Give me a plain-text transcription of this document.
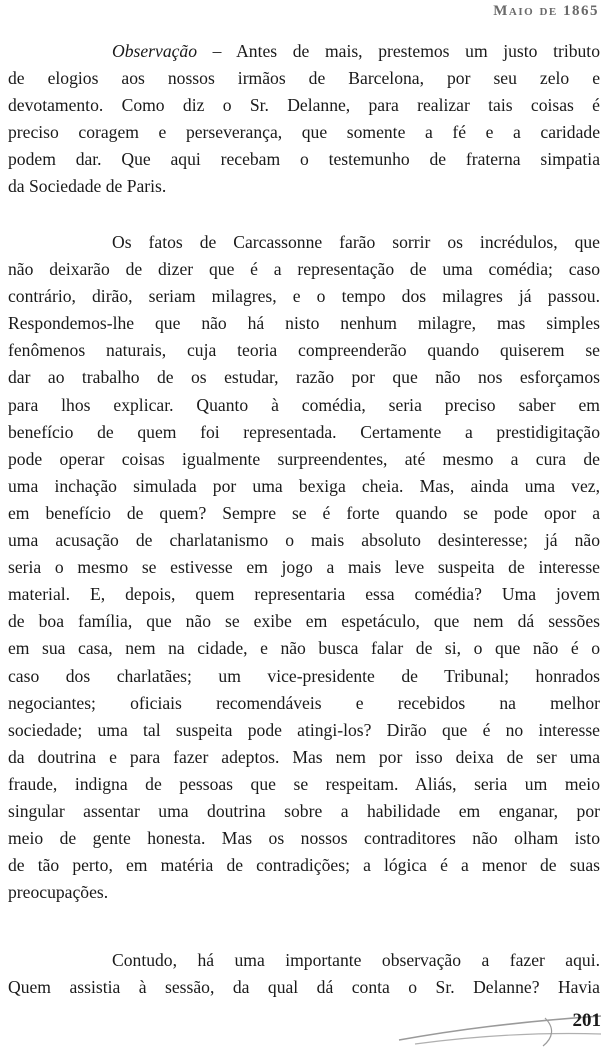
Maio de 1865
Observação – Antes de mais, prestemos um justo tributo
de elogios aos nossos irmãos de Barcelona, por seu zelo e
devotamento. Como diz o Sr. Delanne, para realizar tais coisas é
preciso coragem e perseverança, que somente a fé e a caridade
podem dar. Que aqui recebam o testemunho de fraterna simpatia
da Sociedade de Paris.
Os fatos de Carcassonne farão sorrir os incrédulos, que
não deixarão de dizer que é a representação de uma comédia; caso
contrário, dirão, seriam milagres, e o tempo dos milagres já passou.
Respondemos-lhe que não há nisto nenhum milagre, mas simples
fenômenos naturais, cuja teoria compreenderão quando quiserem se
dar ao trabalho de os estudar, razão por que não nos esforçamos
para lhos explicar. Quanto à comédia, seria preciso saber em
benefício de quem foi representada. Certamente a prestidigitação
pode operar coisas igualmente surpreendentes, até mesmo a cura de
uma inchação simulada por uma bexiga cheia. Mas, ainda uma vez,
em benefício de quem? Sempre se é forte quando se pode opor a
uma acusação de charlatanismo o mais absoluto desinteresse; já não
seria o mesmo se estivesse em jogo a mais leve suspeita de interesse
material. E, depois, quem representaria essa comédia? Uma jovem
de boa família, que não se exibe em espetáculo, que nem dá sessões
em sua casa, nem na cidade, e não busca falar de si, o que não é o
caso dos charlatães; um vice-presidente de Tribunal; honrados
negociantes; oficiais recomendáveis e recebidos na melhor
sociedade; uma tal suspeita pode atingi-los? Dirão que é no interesse
da doutrina e para fazer adeptos. Mas nem por isso deixa de ser uma
fraude, indigna de pessoas que se respeitam. Aliás, seria um meio
singular assentar uma doutrina sobre a habilidade em enganar, por
meio de gente honesta. Mas os nossos contraditores não olham isto
de tão perto, em matéria de contradições; a lógica é a menor de suas
preocupações.
Contudo, há uma importante observação a fazer aqui.
Quem assistia à sessão, da qual dá conta o Sr. Delanne? Havia
201
